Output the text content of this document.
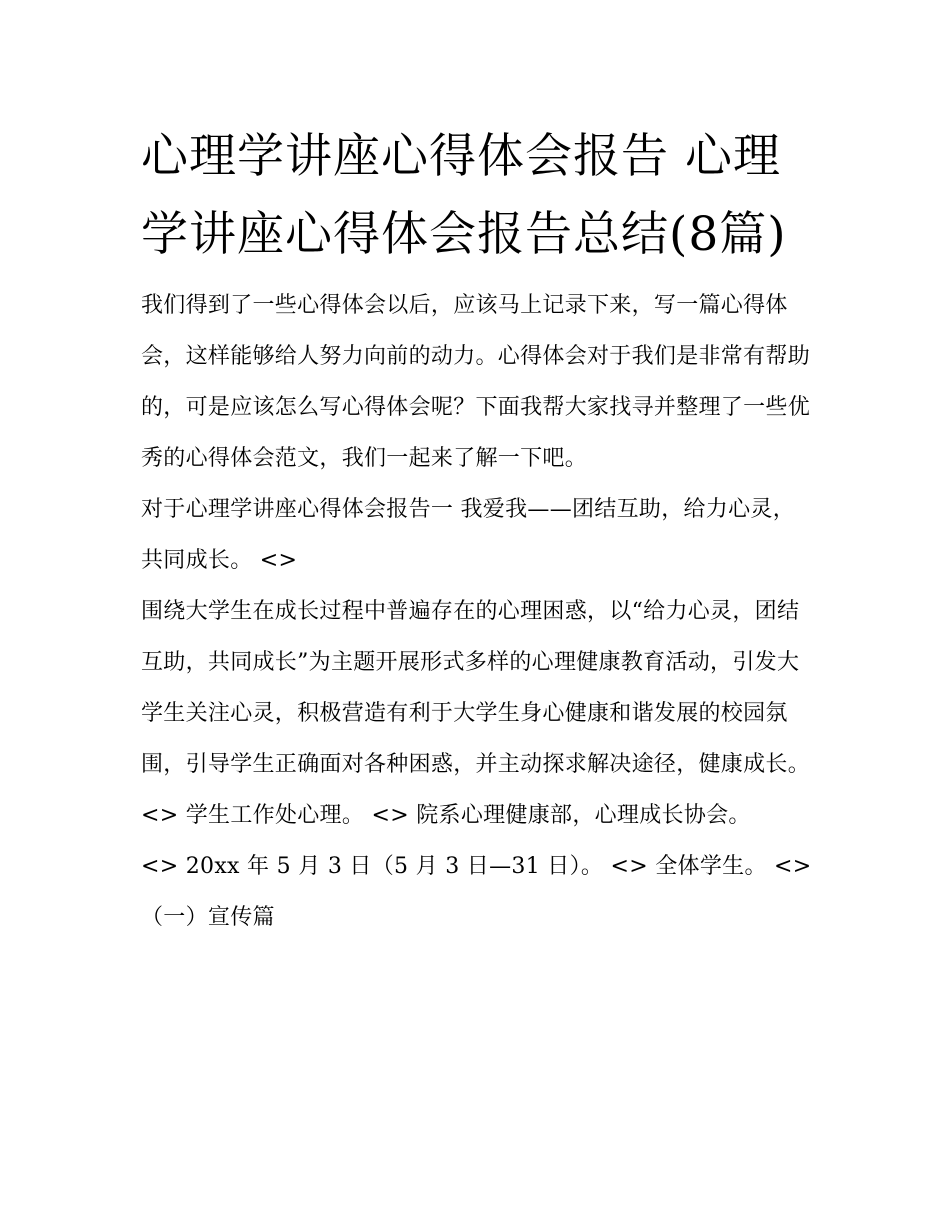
心理学讲座心得体会报告 心理学讲座心得体会报告总结(8篇)

我们得到了一些心得体会以后，应该马上记录下来，写一篇心得体会，这样能够给人努力向前的动力。心得体会对于我们是非常有帮助的，可是应该怎么写心得体会呢？下面我帮大家找寻并整理了一些优秀的心得体会范文，我们一起来了解一下吧。

对于心理学讲座心得体会报告一 我爱我——团结互助，给力心灵，共同成长。 <>

围绕大学生在成长过程中普遍存在的心理困惑，以“给力心灵，团结互助，共同成长”为主题开展形式多样的心理健康教育活动，引发大学生关注心灵，积极营造有利于大学生身心健康和谐发展的校园氛围，引导学生正确面对各种困惑，并主动探求解决途径，健康成长。

<> 学生工作处心理。 <> 院系心理健康部，心理成长协会。

<> 20xx 年 5 月 3 日（5 月 3 日—31 日）。 <> 全体学生。 <>

（一）宣传篇
